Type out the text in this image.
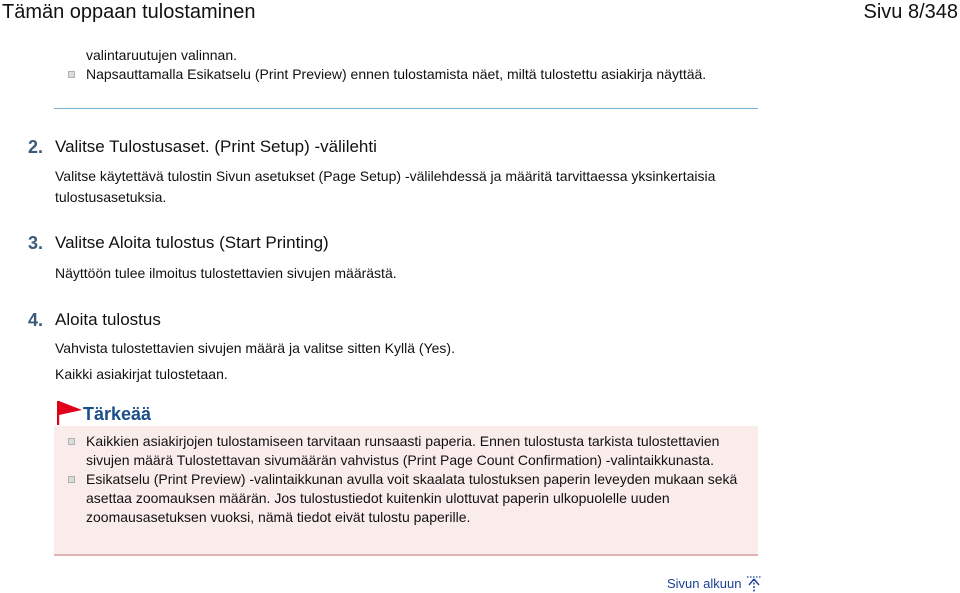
Tämän oppaan tulostaminen	Sivu 8/348
valintaruutujen valinnan.
Napsauttamalla Esikatselu (Print Preview) ennen tulostamista näet, miltä tulostettu asiakirja näyttää.
2. Valitse Tulostusaset. (Print Setup) -välilehti

Valitse käytettävä tulostin Sivun asetukset (Page Setup) -välilehdessä ja määritä tarvittaessa yksinkertaisia tulostusasetuksia.

3. Valitse Aloita tulostus (Start Printing)

Näyttöön tulee ilmoitus tulostettavien sivujen määrästä.

4. Aloita tulostus

Vahvista tulostettavien sivujen määrä ja valitse sitten Kyllä (Yes).

Kaikki asiakirjat tulostetaan.

Tärkeää
Kaikkien asiakirjojen tulostamiseen tarvitaan runsaasti paperia. Ennen tulostusta tarkista tulostettavien sivujen määrä Tulostettavan sivumäärän vahvistus (Print Page Count Confirmation) -valintaikkunasta.
Esikatselu (Print Preview) -valintaikkunan avulla voit skaalata tulostuksen paperin leveyden mukaan sekä asettaa zoomauksen määrän. Jos tulostustiedot kuitenkin ulottuvat paperin ulkopuolelle uuden zoomausasetuksen vuoksi, nämä tiedot eivät tulostu paperille.
Sivun alkuun
